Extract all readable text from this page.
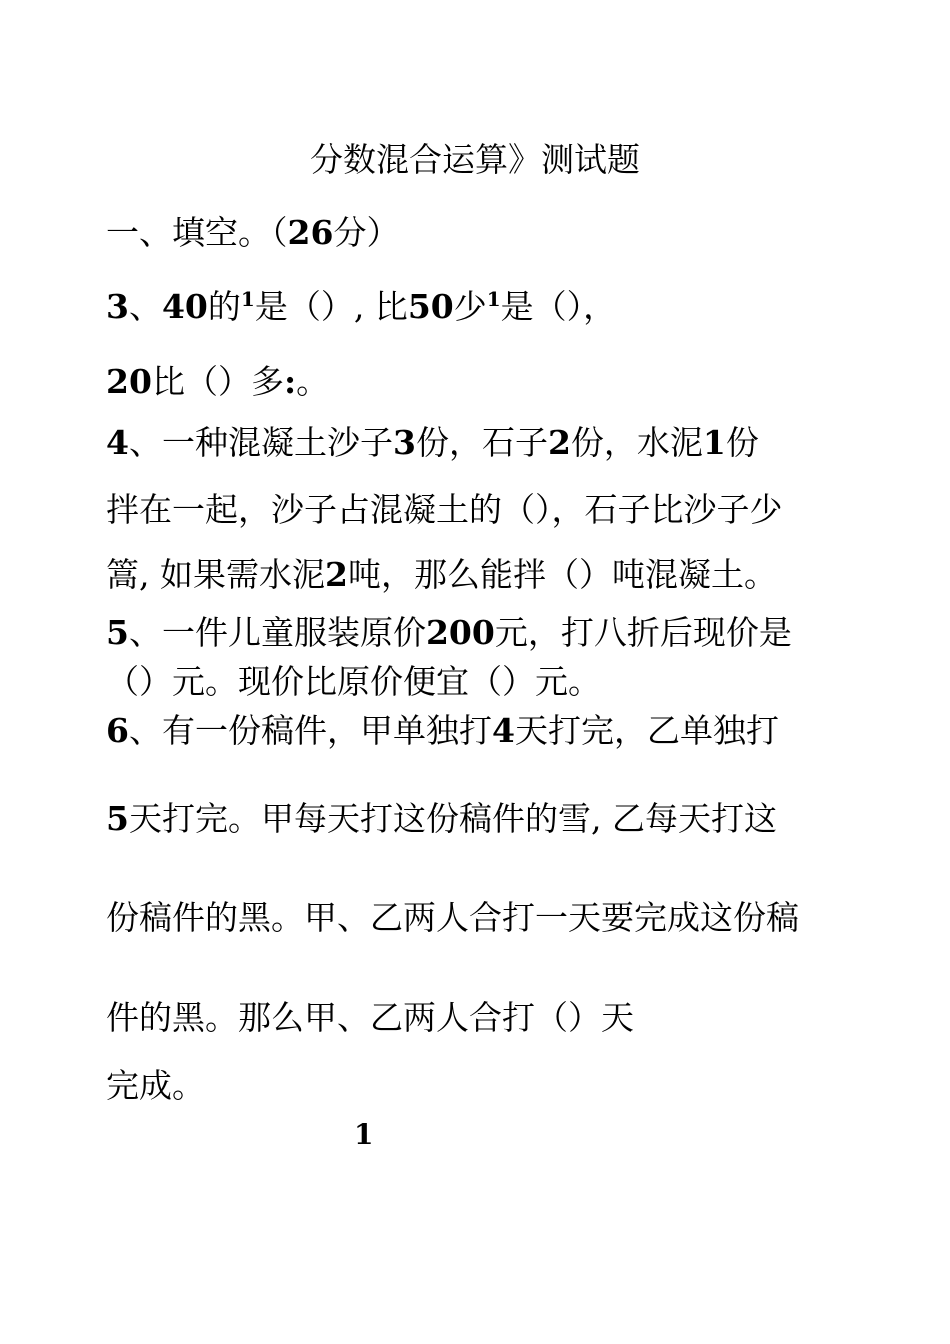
分数混合运算》测试题
一、填空。（26分）
3、40的$^1$是（）, 比50少$^1$是（），
20比（）多:。
4、一种混凝土沙子3份，石子2份，水泥1份
拌在一起，沙子占混凝土的（），石子比沙子少
篙, 如果需水泥2吨，那么能拌（）吨混凝土。
5、一件儿童服装原价200元，打八折后现价是
（）元。现价比原价便宜（）元。
6、有一份稿件，甲单独打4天打完，乙单独打
5天打完。甲每天打这份稿件的雪, 乙每天打这
份稿件的黑。甲、乙两人合打一天要完成这份稿
件的黑。那么甲、乙两人合打（）天
完成。
1
